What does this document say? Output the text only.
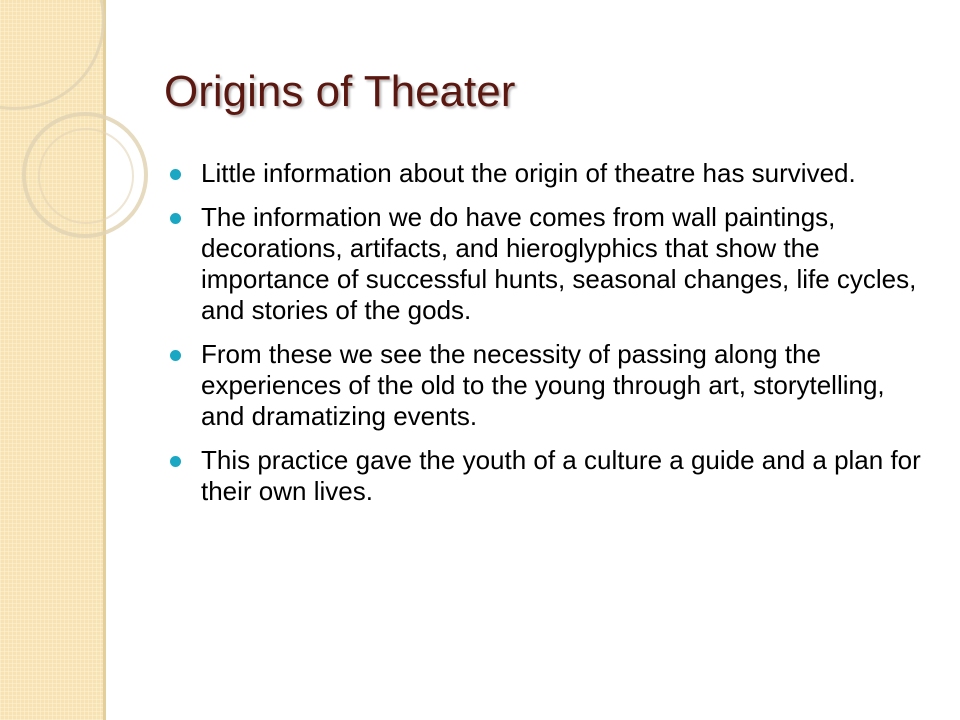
Origins of Theater
Little information about the origin of theatre has survived.
The information we do have comes from wall paintings, decorations, artifacts, and hieroglyphics that show the importance of successful hunts, seasonal changes, life cycles, and stories of the gods.
From these we see the necessity of passing along the experiences of the old to the young through art, storytelling, and dramatizing events.
This practice gave the youth of a culture a guide and a plan for their own lives.
